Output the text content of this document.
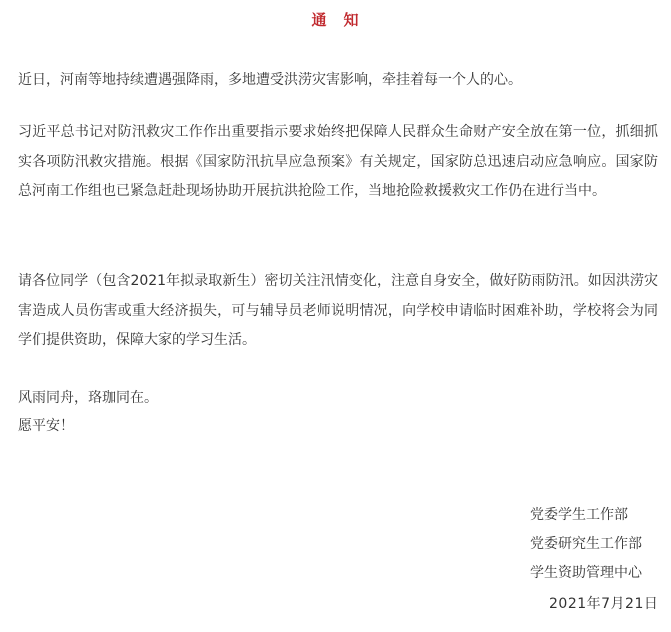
通　知

近日，河南等地持续遭遇强降雨，多地遭受洪涝灾害影响，牵挂着每一个人的心。

习近平总书记对防汛救灾工作作出重要指示要求始终把保障人民群众生命财产安全放在第一位，抓细抓实各项防汛救灾措施。根据《国家防汛抗旱应急预案》有关规定，国家防总迅速启动应急响应。国家防总河南工作组也已紧急赶赴现场协助开展抗洪抢险工作，当地抢险救援救灾工作仍在进行当中。

请各位同学（包含2021年拟录取新生）密切关注汛情变化，注意自身安全，做好防雨防汛。如因洪涝灾害造成人员伤害或重大经济损失，可与辅导员老师说明情况，向学校申请临时困难补助，学校将会为同学们提供资助，保障大家的学习生活。

风雨同舟，珞珈同在。

愿平安！

党委学生工作部
党委研究生工作部
学生资助管理中心
2021年7月21日
